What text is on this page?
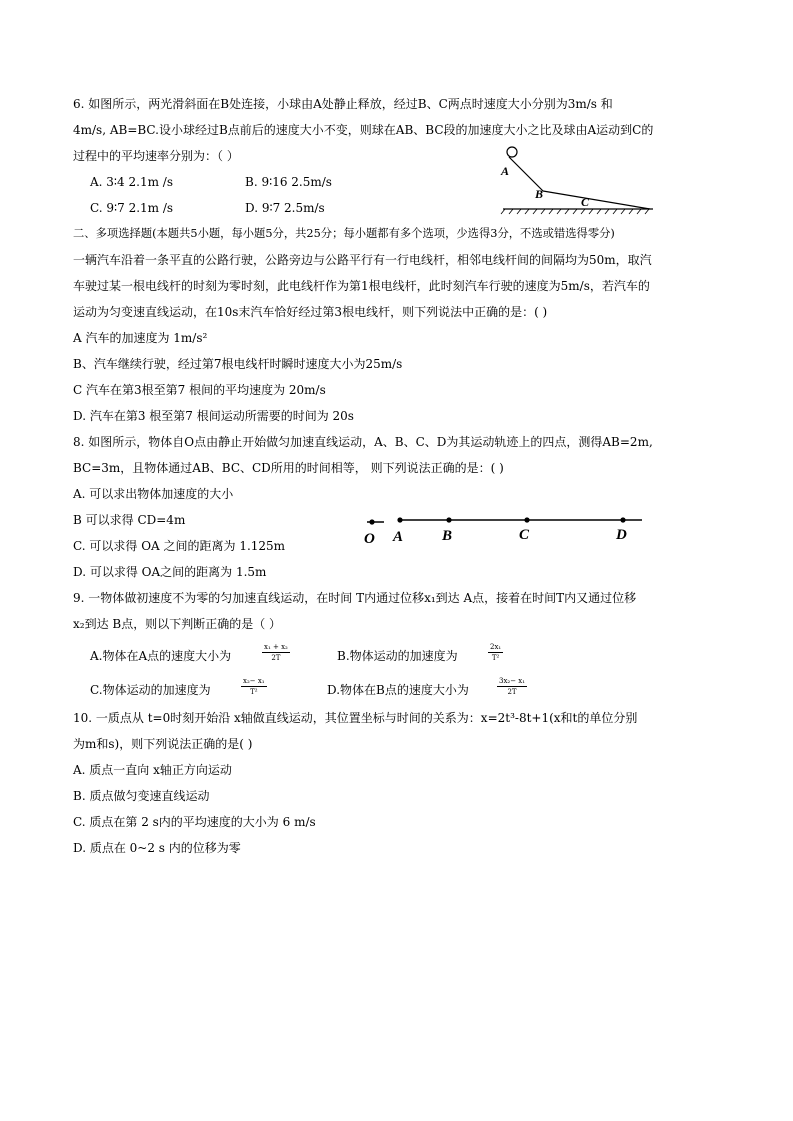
6. 如图所示，两光滑斜面在B处连接，小球由A处静止释放，经过B、C两点时速度大小分别为3m/s 和
4m/s, AB=BC.设小球经过B点前后的速度大小不变，则球在AB、BC段的加速度大小之比及球由A运动到C的
过程中的平均速率分别为：（ ）
A. 3∶4 2.1m /s	B. 9∶16 2.5m/s
C. 9∶7 2.1m /s	D. 9∶7 2.5m/s
A
B
C
二、多项选择题(本题共5小题，每小题5分，共25分；每小题都有多个选项，少选得3分，不选或错选得零分)
一辆汽车沿着一条平直的公路行驶，公路旁边与公路平行有一行电线杆，相邻电线杆间的间隔均为50m，取汽
车驶过某一根电线杆的时刻为零时刻，此电线杆作为第1根电线杆，此时刻汽车行驶的速度为5m/s，若汽车的
运动为匀变速直线运动，在10s末汽车恰好经过第3根电线杆，则下列说法中正确的是：( )
A 汽车的加速度为 1m/s²
B、汽车继续行驶，经过第7根电线杆时瞬时速度大小为25m/s
C 汽车在第3根至第7 根间的平均速度为 20m/s
D. 汽车在第3 根至第7 根间运动所需要的时间为 20s
8. 如图所示，物体自O点由静止开始做匀加速直线运动，A、B、C、D为其运动轨迹上的四点，测得AB=2m,
BC=3m，且物体通过AB、BC、CD所用的时间相等， 则下列说法正确的是：( )
A. 可以求出物体加速度的大小
B 可以求得 CD=4m
C. 可以求得 OA 之间的距离为 1.125m
D. 可以求得 OA之间的距离为 1.5m
O A	B	C	D
9. 一物体做初速度不为零的匀加速直线运动，在时间 T内通过位移x₁到达 A点，接着在时间T内又通过位移
x₂到达 B点，则以下判断正确的是（ ）
A.物体在A点的速度大小为	$\frac{\text{x₁ + x₂}}{2T}$	B.物体运动的加速度为	$\frac{\text{2x₁}}{\text{T²}}$
C.物体运动的加速度为	$\frac{\text{x₂− x₁}}{\text{T²}}$	D.物体在B点的速度大小为	$\frac{\text{3x₂− x₁}}{2T}$
10. 一质点从 t=0时刻开始沿 x轴做直线运动，其位置坐标与时间的关系为：x=2t³-8t+1(x和t的单位分别
为m和s)，则下列说法正确的是( )
A. 质点一直向 x轴正方向运动
B. 质点做匀变速直线运动
C. 质点在第 2 s内的平均速度的大小为 6 m/s
D. 质点在 0~2 s 内的位移为零
